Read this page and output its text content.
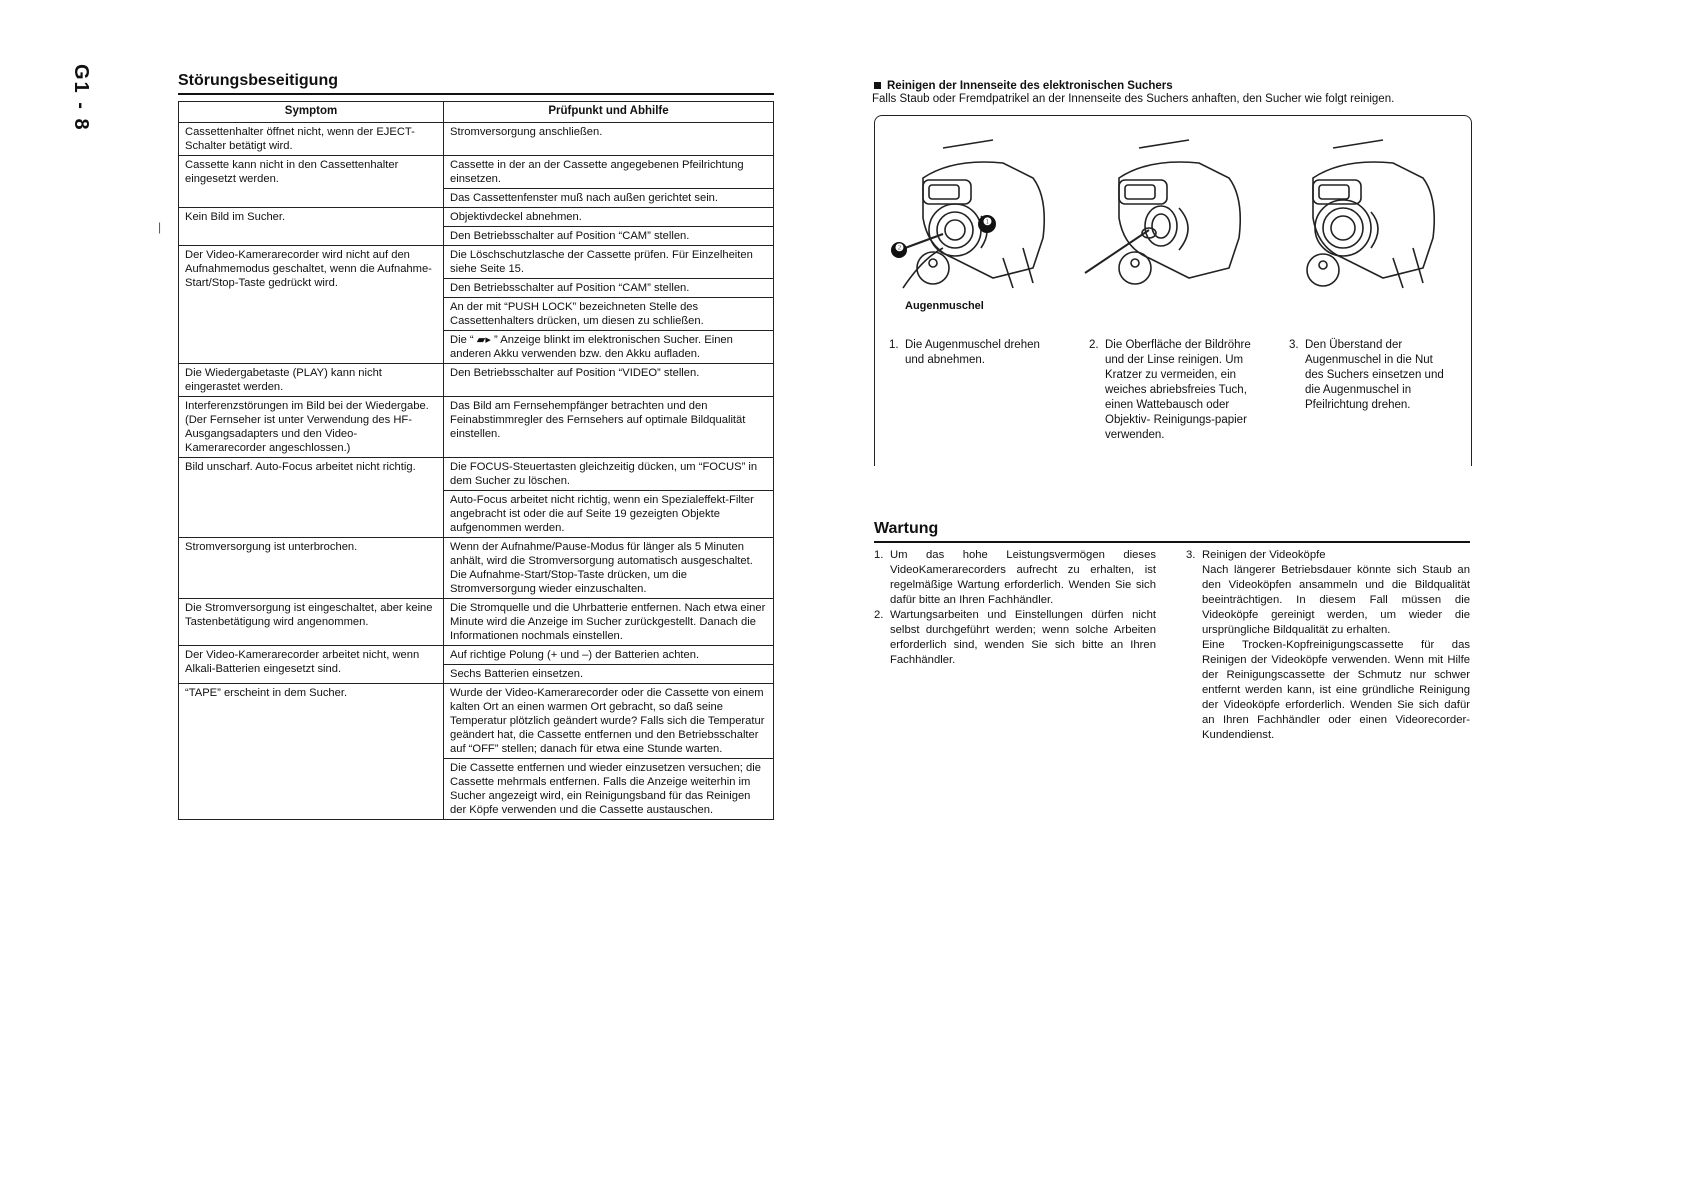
G1 - 8	Störungsbeseitigung
Symptom	Prüfpunkt und Abhilfe
Cassettenhalter öffnet nicht, wenn der EJECT-Schalter betätigt wird.	Stromversorgung anschließen.

Cassette kann nicht in den Cassettenhalter eingesetzt werden.	Cassette in der an der Cassette angegebenen Pfeilrichtung einsetzen.
Das Cassettenfenster muß nach außen gerichtet sein.

Kein Bild im Sucher.	Objektivdeckel abnehmen.
Den Betriebsschalter auf Position “CAM” stellen.

Der Video-Kamerarecorder wird nicht auf den Aufnahmemodus geschaltet, wenn die Aufnahme-Start/Stop-Taste gedrückt wird.	Die Löschschutzlasche der Cassette prüfen. Für Einzelheiten siehe Seite 15.
Den Betriebsschalter auf Position “CAM” stellen.
An der mit “PUSH LOCK” bezeichneten Stelle des Cassettenhalters drücken, um diesen zu schließen.
Die “ ▰▸ ” Anzeige blinkt im elektronischen Sucher. Einen anderen Akku verwenden bzw. den Akku aufladen.

Die Wiedergabetaste (PLAY) kann nicht eingerastet werden.	Den Betriebsschalter auf Position “VIDEO” stellen.

Interferenzstörungen im Bild bei der Wiedergabe. (Der Fernseher ist unter Verwendung des HF-Ausgangsadapters und den Video-Kamerarecorder angeschlossen.)	Das Bild am Fernsehempfänger betrachten und den Feinabstimmregler des Fernsehers auf optimale Bildqualität einstellen.

Bild unscharf. Auto-Focus arbeitet nicht richtig.	Die FOCUS-Steuertasten gleichzeitig dücken, um “FOCUS” in dem Sucher zu löschen.
Auto-Focus arbeitet nicht richtig, wenn ein Spezialeffekt-Filter angebracht ist oder die auf Seite 19 gezeigten Objekte aufgenommen werden.

Stromversorgung ist unterbrochen.	Wenn der Aufnahme/Pause-Modus für länger als 5 Minuten anhält, wird die Stromversorgung automatisch ausgeschaltet. Die Aufnahme-Start/Stop-Taste drücken, um die Stromversorgung wieder einzuschalten.

Die Stromversorgung ist eingeschaltet, aber keine Tastenbetätigung wird angenommen.	Die Stromquelle und die Uhrbatterie entfernen. Nach etwa einer Minute wird die Anzeige im Sucher zurückgestellt. Danach die Informationen nochmals einstellen.

Der Video-Kamerarecorder arbeitet nicht, wenn Alkali-Batterien eingesetzt sind.	Auf richtige Polung (+ und –) der Batterien achten.
Sechs Batterien einsetzen.

“TAPE” erscheint in dem Sucher.	Wurde der Video-Kamerarecorder oder die Cassette von einem kalten Ort an einen warmen Ort gebracht, so daß seine Temperatur plötzlich geändert wurde? Falls sich die Temperatur geändert hat, die Cassette entfernen und den Betriebsschalter auf “OFF” stellen; danach für etwa eine Stunde warten.
Die Cassette entfernen und wieder einzusetzen versuchen; die Cassette mehrmals entfernen. Falls die Anzeige weiterhin im Sucher angezeigt wird, ein Reinigungsband für das Reinigen der Köpfe verwenden und die Cassette austauschen.

Reinigen der Innenseite des elektronischen Suchers

Falls Staub oder Fremdpatrikel an der Innenseite des Suchers anhaften, den Sucher wie folgt reinigen.

❶
❷
Augenmuschel
1. Die Augenmuschel drehen und abnehmen.
2. Die Oberfläche der Bildröhre und der Linse reinigen. Um Kratzer zu vermeiden, ein weiches abriebsfreies Tuch, einen Wattebausch oder Objektiv- Reinigungs-papier verwenden.
3. Den Überstand der Augenmuschel in die Nut des Suchers einsetzen und die Augenmuschel in Pfeilrichtung drehen.
Wartung
1. Um das hohe Leistungsvermögen dieses VideoKamerarecorders aufrecht zu erhalten, ist regelmäßige Wartung erforderlich. Wenden Sie sich dafür bitte an Ihren Fachhändler.
2. Wartungsarbeiten und Einstellungen dürfen nicht selbst durchgeführt werden; wenn solche Arbeiten erforderlich sind, wenden Sie sich bitte an Ihren Fachhändler.
3. Reinigen der Videoköpfe
Nach längerer Betriebsdauer könnte sich Staub an den Videoköpfen ansammeln und die Bildqualität beeinträchtigen. In diesem Fall müssen die Videoköpfe gereinigt werden, um wieder die ursprüngliche Bildqualität zu erhalten.
Eine Trocken-Kopfreinigungscassette für das Reinigen der Videoköpfe verwenden. Wenn mit Hilfe der Reinigungscassette der Schmutz nur schwer entfernt werden kann, ist eine gründliche Reinigung der Videoköpfe erforderlich. Wenden Sie sich dafür an Ihren Fachhändler oder einen Videorecorder-Kundendienst.
|
